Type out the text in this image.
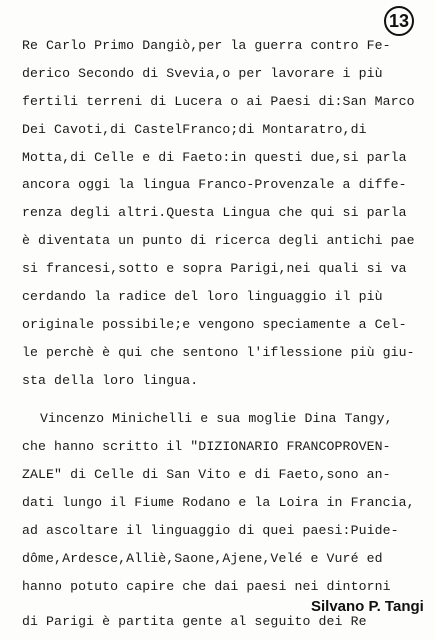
13
Re Carlo Primo Dangiò,per la guerra contro Fe-
derico Secondo di Svevia,o per lavorare i più
fertili terreni di Lucera o ai Paesi di:San Marco
Dei Cavoti,di CastelFranco;di Montaratro,di
Motta,di Celle e di Faeto:in questi due,si parla
ancora oggi la lingua Franco-Provenzale a diffe-
renza degli altri.Questa Lingua che qui si parla
è diventata un punto di ricerca degli antichi pae
si francesi,sotto e sopra Parigi,nei quali si va
cerdando la radice del loro linguaggio il più
originale possibile;e vengono speciamente a Cel-
le perchè è qui che sentono l'iflessione più giu-
sta della loro lingua.
Vincenzo Minichelli e sua moglie Dina Tangy,
che hanno scritto il "DIZIONARIO FRANCOPROVEN-
ZALE" di Celle di San Vito e di Faeto,sono an-
dati lungo il Fiume Rodano e la Loira in Francia,
ad ascoltare il linguaggio di quei paesi:Puide-
dôme,Ardesce,Alliè,Saone,Ajene,Velé e Vuré ed
hanno potuto capire che dai paesi nei dintorni
di Parigi è partita gente al seguito dei Re
Silvano P. Tangi
